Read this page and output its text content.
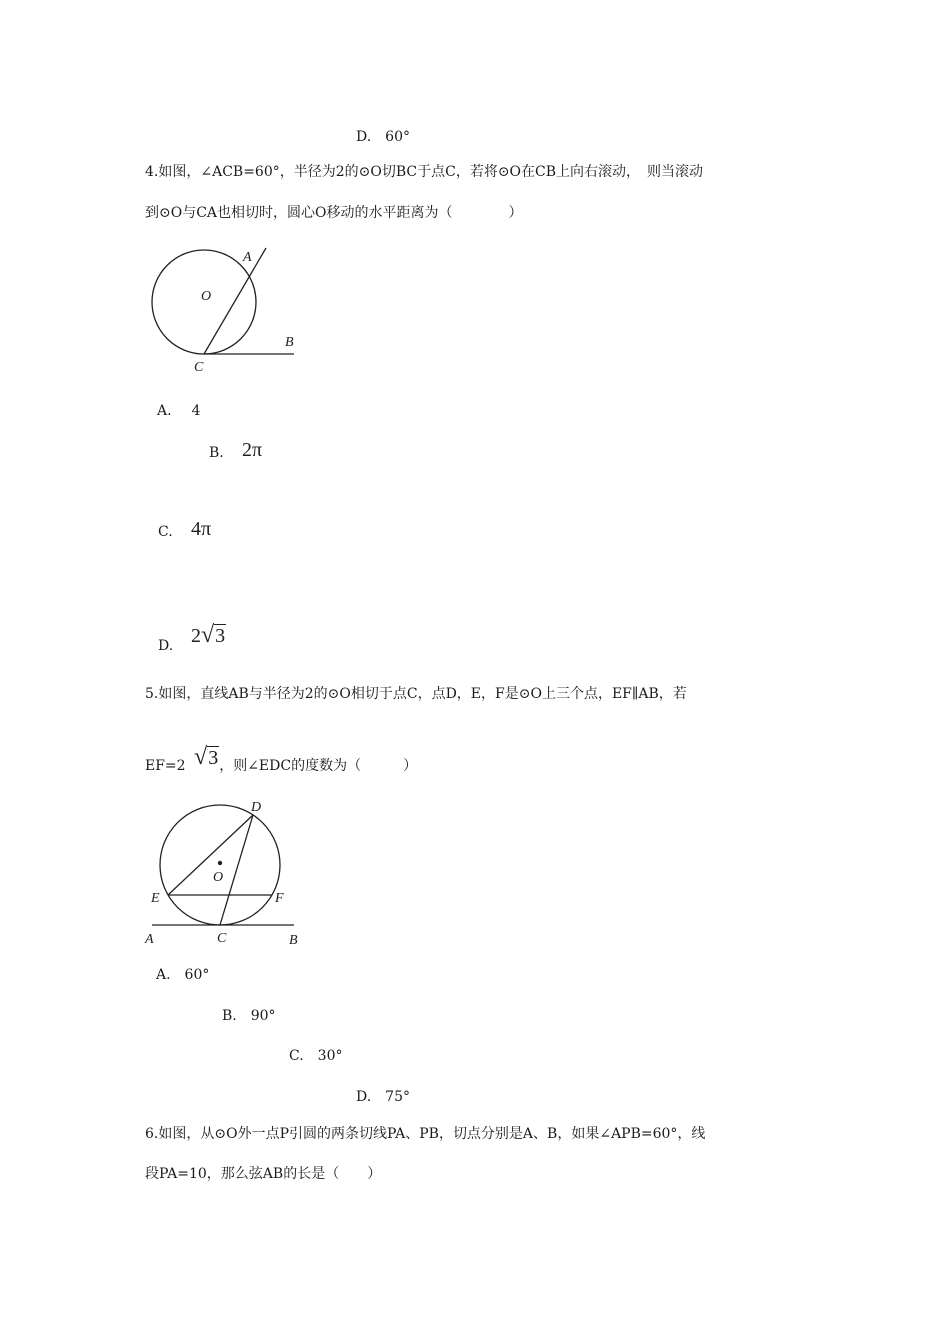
D.　60°
4.如图，∠ACB=60°，半径为2的⊙O切BC于点C，若将⊙O在CB上向右滚动，　则当滚动
到⊙O与CA也相切时，圆心O移动的水平距离为（　　　　）
A
O
B
C
A. 4
B. 2π
C. 4π
D. 2√3
5.如图，直线AB与半径为2的⊙O相切于点C，点D，E，F是⊙O上三个点，EF∥AB，若
EF=2 √3，则∠EDC的度数为（　　　）
D
O
E	F
A	C	B
A.　60°
B.　90°
C.　30°
D.　75°
6.如图，从⊙O外一点P引圆的两条切线PA、PB，切点分别是A、B，如果∠APB=60°，线
段PA=10，那么弦AB的长是（　　）
